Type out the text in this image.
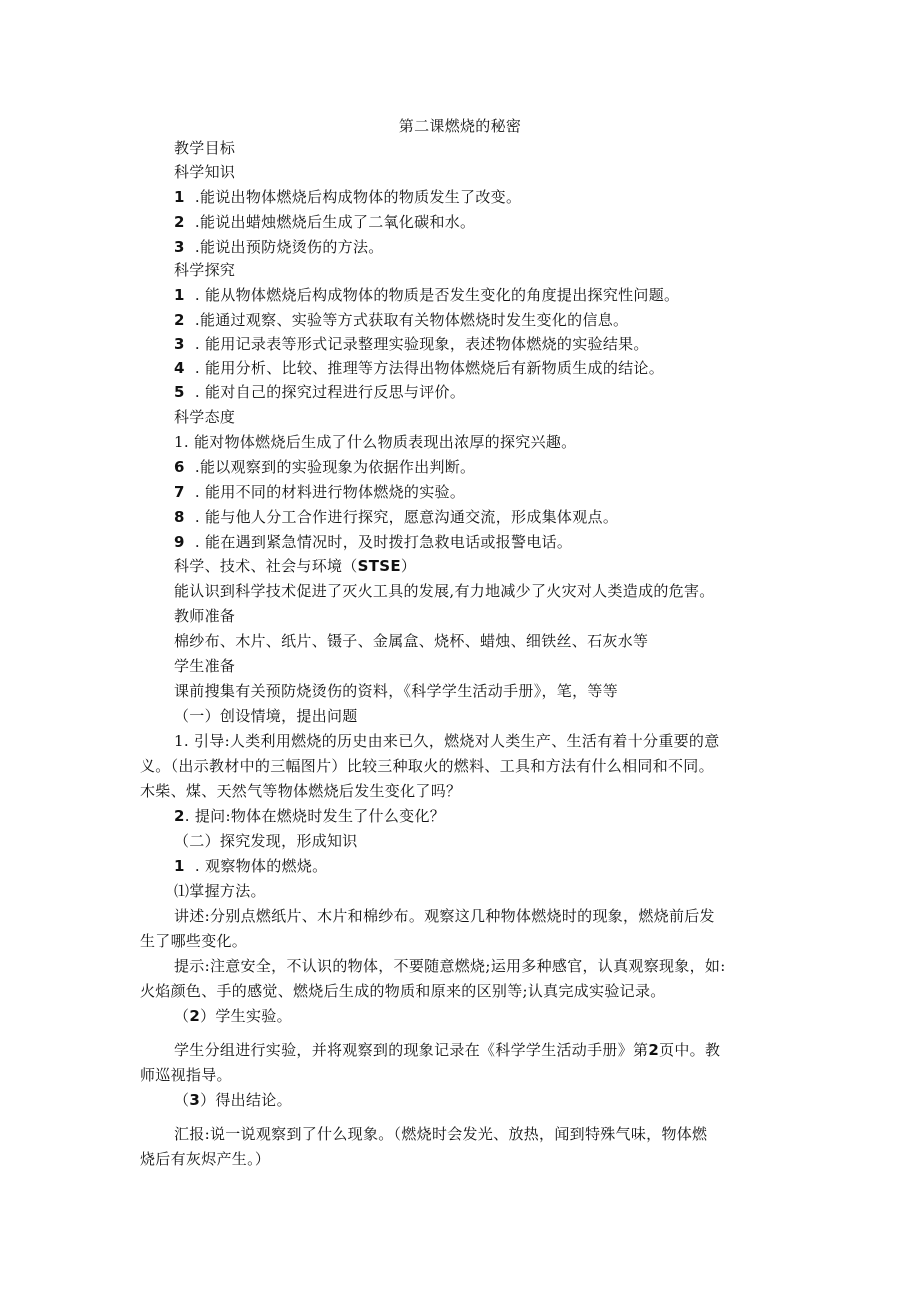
第二课燃烧的秘密
教学目标
科学知识
1 .能说出物体燃烧后构成物体的物质发生了改变。
2 .能说出蜡烛燃烧后生成了二氧化碳和水。
3 .能说出预防烧烫伤的方法。
科学探究
1 . 能从物体燃烧后构成物体的物质是否发生变化的角度提出探究性问题。
2 .能通过观察、实验等方式获取有关物体燃烧时发生变化的信息。
3 . 能用记录表等形式记录整理实验现象，表述物体燃烧的实验结果。
4 . 能用分析、比较、推理等方法得出物体燃烧后有新物质生成的结论。
5 . 能对自己的探究过程进行反思与评价。
科学态度
1. 能对物体燃烧后生成了什么物质表现出浓厚的探究兴趣。
6 .能以观察到的实验现象为依据作出判断。
7 . 能用不同的材料进行物体燃烧的实验。
8 . 能与他人分工合作进行探究，愿意沟通交流，形成集体观点。
9 . 能在遇到紧急情况时，及时拨打急救电话或报警电话。
科学、技术、社会与环境（STSE）
能认识到科学技术促进了灭火工具的发展,有力地减少了火灾对人类造成的危害。
教师准备
棉纱布、木片、纸片、镊子、金属盒、烧杯、蜡烛、细铁丝、石灰水等
学生准备
课前搜集有关预防烧烫伤的资料，《科学学生活动手册》，笔，等等
（一）创设情境，提出问题
1. 引导:人类利用燃烧的历史由来已久，燃烧对人类生产、生活有着十分重要的意
义。（出示教材中的三幅图片）比较三种取火的燃料、工具和方法有什么相同和不同。
木柴、煤、天然气等物体燃烧后发生变化了吗？
2. 提问:物体在燃烧时发生了什么变化？
（二）探究发现，形成知识
1 . 观察物体的燃烧。
⑴掌握方法。
讲述:分别点燃纸片、木片和棉纱布。观察这几种物体燃烧时的现象，燃烧前后发
生了哪些变化。
提示:注意安全，不认识的物体，不要随意燃烧;运用多种感官，认真观察现象，如:
火焰颜色、手的感觉、燃烧后生成的物质和原来的区别等;认真完成实验记录。
（2）学生实验。
学生分组进行实验，并将观察到的现象记录在《科学学生活动手册》第2页中。教
师巡视指导。
（3）得出结论。
汇报:说一说观察到了什么现象。（燃烧时会发光、放热，闻到特殊气味，物体燃
烧后有灰烬产生。）
